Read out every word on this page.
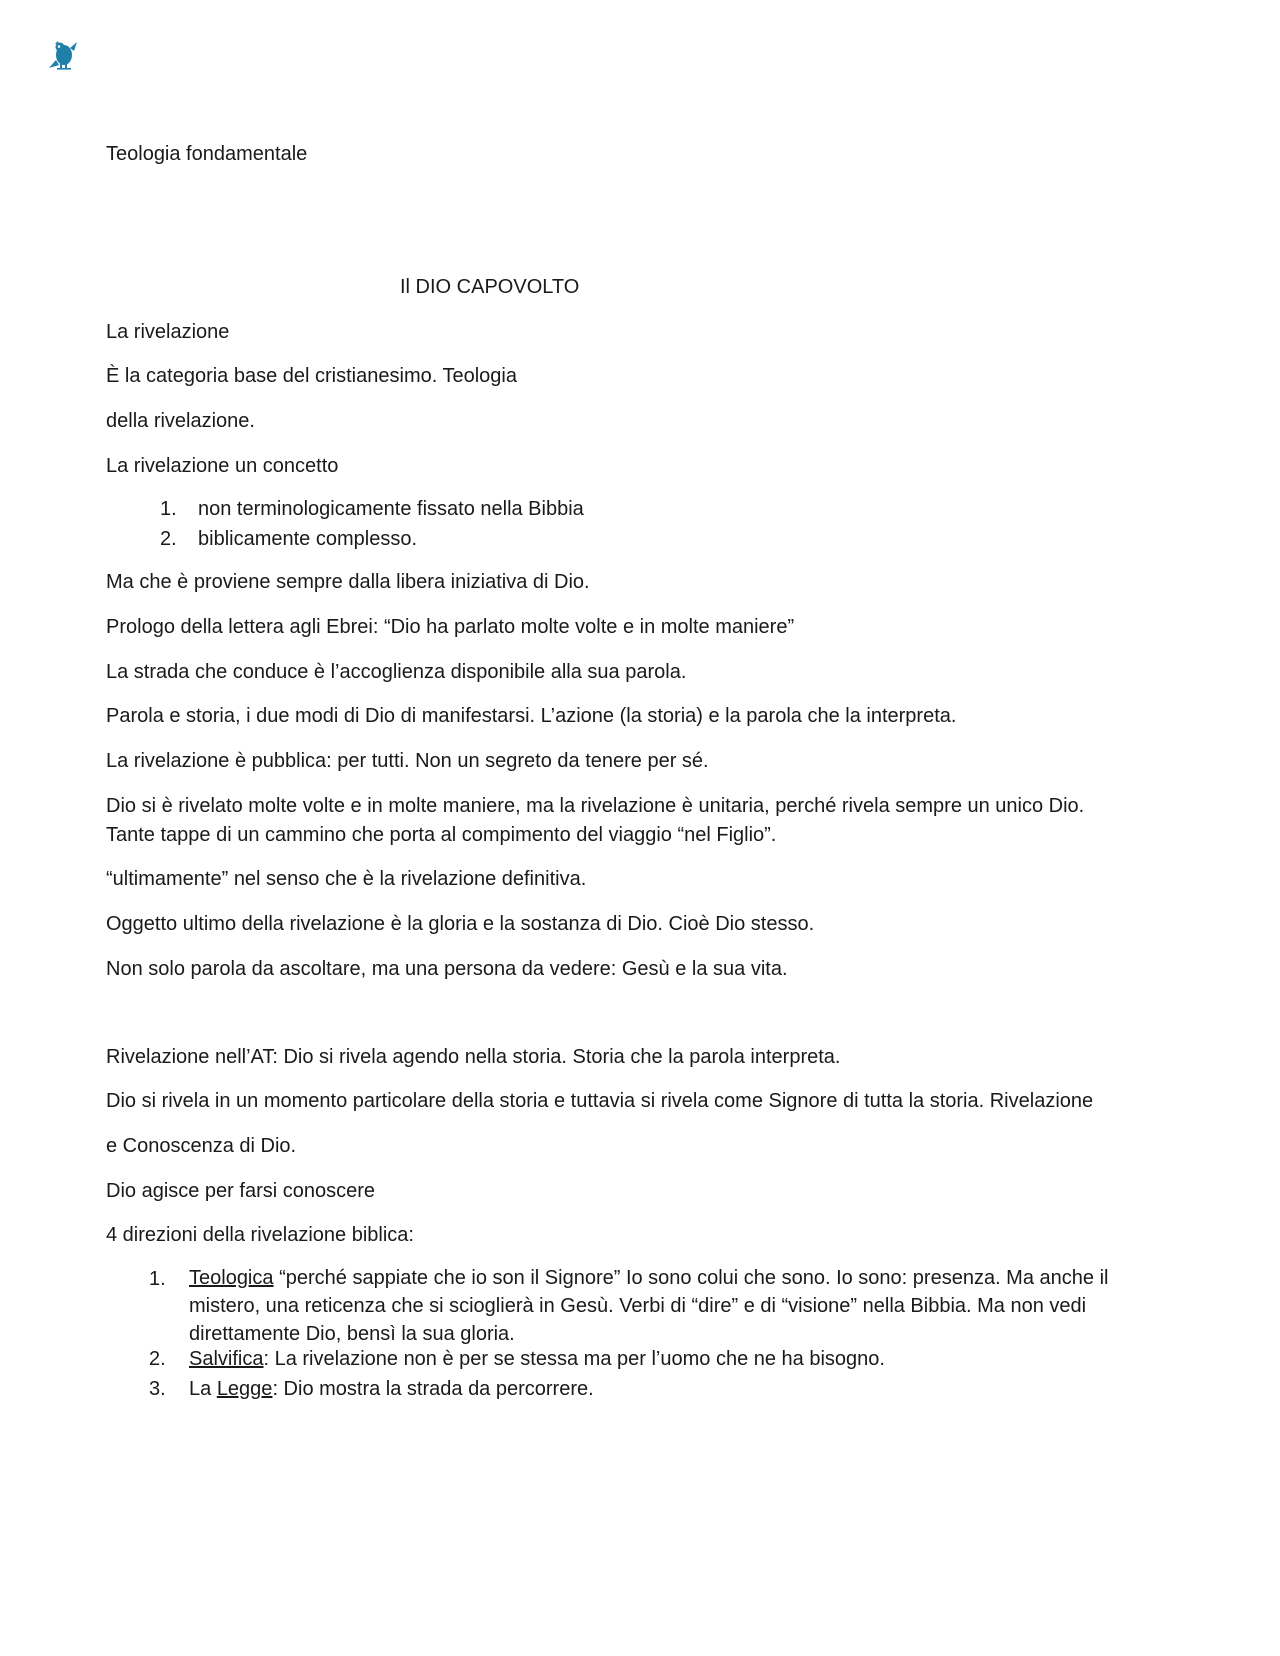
Teologia fondamentale
Il DIO CAPOVOLTO
La rivelazione
È la categoria base del cristianesimo. Teologia
della rivelazione.
La rivelazione un concetto
1.	non terminologicamente fissato nella Bibbia
2.	biblicamente complesso.
Ma che è proviene sempre dalla libera iniziativa di Dio.
Prologo della lettera agli Ebrei: “Dio ha parlato molte volte e in molte maniere”
La strada che conduce è l’accoglienza disponibile alla sua parola.
Parola e storia, i due modi di Dio di manifestarsi. L’azione (la storia) e la parola che la interpreta.
La rivelazione è pubblica: per tutti. Non un segreto da tenere per sé.
Dio si è rivelato molte volte e in molte maniere, ma la rivelazione è unitaria, perché rivela sempre un unico Dio.
Tante tappe di un cammino che porta al compimento del viaggio “nel Figlio”.
“ultimamente” nel senso che è la rivelazione definitiva.
Oggetto ultimo della rivelazione è la gloria e la sostanza di Dio. Cioè Dio stesso.
Non solo parola da ascoltare, ma una persona da vedere: Gesù e la sua vita.
Rivelazione nell’AT: Dio si rivela agendo nella storia. Storia che la parola interpreta.
Dio si rivela in un momento particolare della storia e tuttavia si rivela come Signore di tutta la storia. Rivelazione
e Conoscenza di Dio.
Dio agisce per farsi conoscere
4 direzioni della rivelazione biblica:
1.	Teologica “perché sappiate che io son il Signore” Io sono colui che sono. Io sono: presenza. Ma anche il
mistero, una reticenza che si scioglierà in Gesù. Verbi di “dire” e di “visione” nella Bibbia. Ma non vedi
direttamente Dio, bensì la sua gloria.
2.	Salvifica: La rivelazione non è per se stessa ma per l’uomo che ne ha bisogno.
3.	La Legge: Dio mostra la strada da percorrere.
